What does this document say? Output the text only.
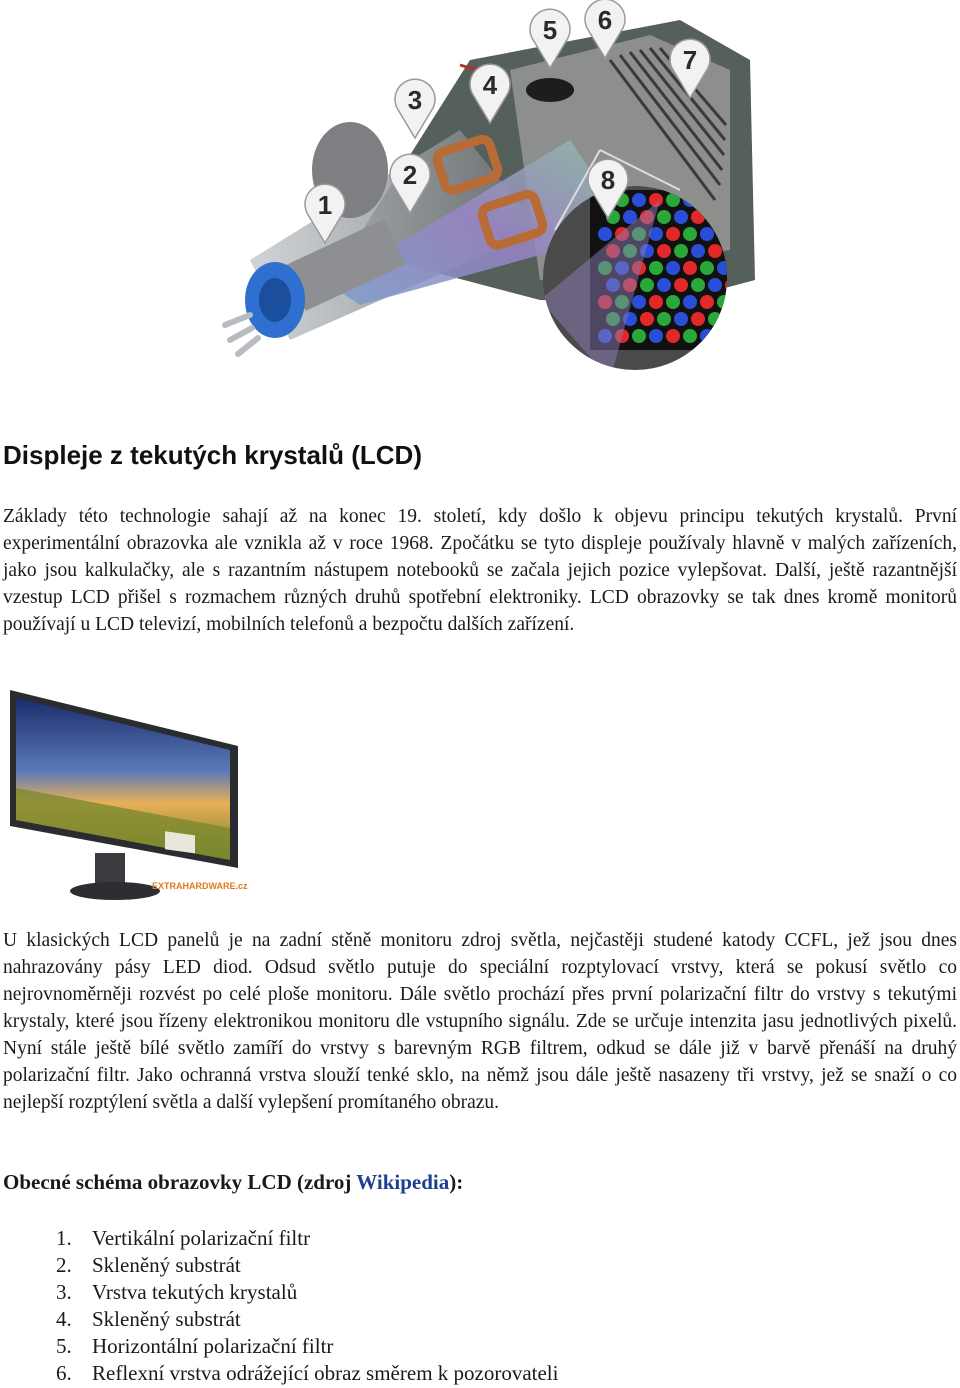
1
2
3 4
5 6
7
8
Displeje z tekutých krystalů (LCD)

Základy této technologie sahají až na konec 19. století, kdy došlo k objevu principu tekutých krystalů. První experimentální obrazovka ale vznikla až v roce 1968. Zpočátku se tyto displeje používaly hlavně v malých zařízeních, jako jsou kalkulačky, ale s razantním nástupem notebooků se začala jejich pozice vylepšovat. Další, ještě razantnější vzestup LCD přišel s rozmachem různých druhů spotřební elektroniky. LCD obrazovky se tak dnes kromě monitorů používají u LCD televizí, mobilních telefonů a bezpočtu dalších zařízení.

EXTRAHARDWARE.cz

U klasických LCD panelů je na zadní stěně monitoru zdroj světla, nejčastěji studené katody CCFL, jež jsou dnes nahrazovány pásy LED diod. Odsud světlo putuje do speciální rozptylovací vrstvy, která se pokusí světlo co nejrovnoměrněji rozvést po celé ploše monitoru. Dále světlo prochází přes první polarizační filtr do vrstvy s tekutými krystaly, které jsou řízeny elektronikou monitoru dle vstupního signálu. Zde se určuje intenzita jasu jednotlivých pixelů. Nyní stále ještě bílé světlo zamíří do vrstvy s barevným RGB filtrem, odkud se dále již v barvě přenáší na druhý polarizační filtr. Jako ochranná vrstva slouží tenké sklo, na němž jsou dále ještě nasazeny tři vrstvy, jež se snaží o co nejlepší rozptýlení světla a další vylepšení promítaného obrazu.

Obecné schéma obrazovky LCD (zdroj Wikipedia):

1. Vertikální polarizační filtr
2. Skleněný substrát
3. Vrstva tekutých krystalů
4. Skleněný substrát
5. Horizontální polarizační filtr
6. Reflexní vrstva odrážející obraz směrem k pozorovateli
